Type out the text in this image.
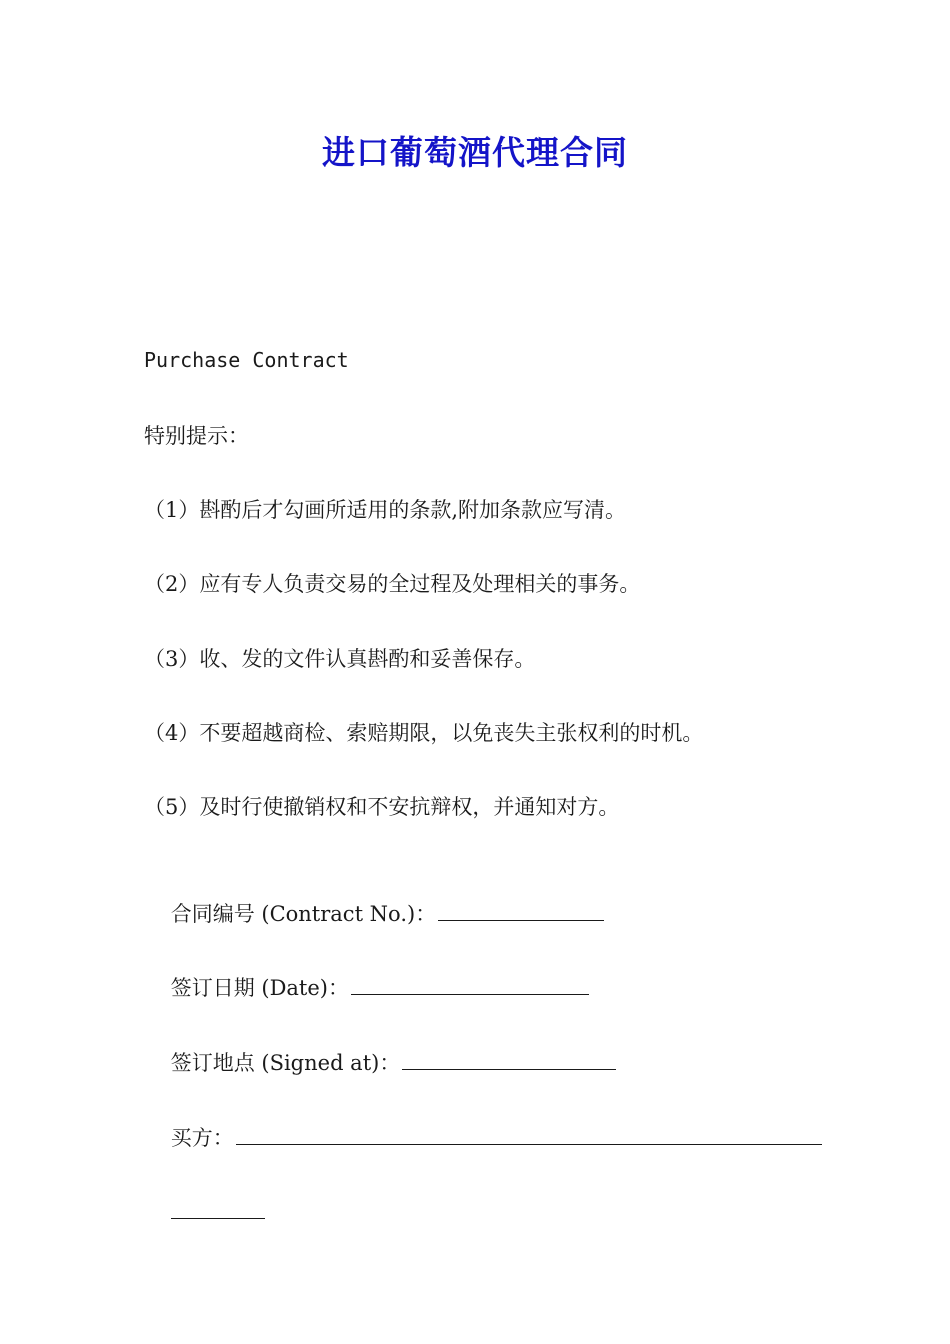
进口葡萄酒代理合同
Purchase Contract
特别提示：
（1）斟酌后才勾画所适用的条款,附加条款应写清。
（2）应有专人负责交易的全过程及处理相关的事务。
（3）收、发的文件认真斟酌和妥善保存。
（4）不要超越商检、索赔期限，以免丧失主张权利的时机。
（5）及时行使撤销权和不安抗辩权，并通知对方。

合同编号 (Contract No.)：

签订日期 (Date)：

签订地点 (Signed at)：

买方：
